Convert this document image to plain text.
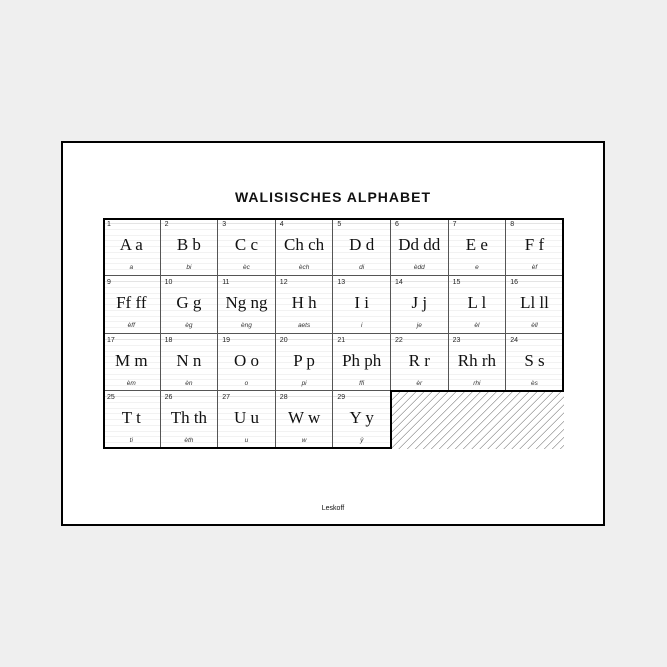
WALISISCHES ALPHABET
Leskoff
1
A a
a
2
B b
bi
3
C c
èc
4
Ch ch
èch
5
D d
di
6
Dd dd
èdd
7
E e
e
8
F f
èf
9
Ff ff
èff
10
G g
èg
11
Ng ng
èng
12
H h
aets
13
I i
i
14
J j
je
15
L l
èl
16
Ll ll
èll
17
M m
èm
18
N n
èn
19
O o
o
20
P p
pi
21
Ph ph
ffi
22
R r
èr
23
Rh rh
rhi
24
S s
ès
25
T t
ti
26
Th th
èth
27
U u
u
28
W w
w
29
Y y
ŷ
